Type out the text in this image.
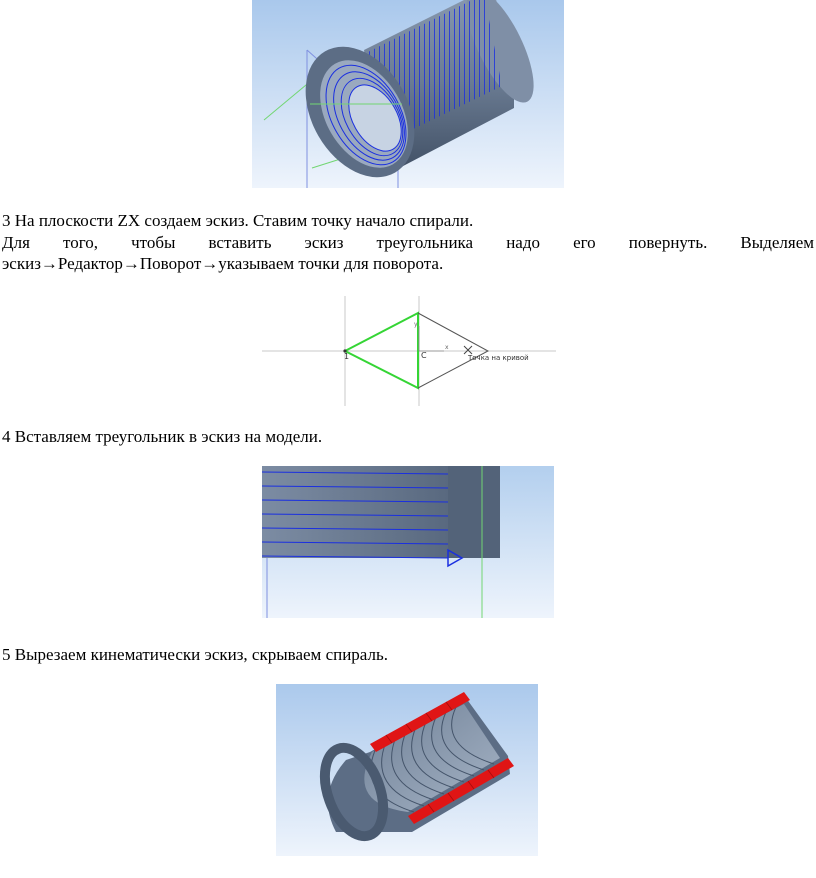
3 На плоскости ZX создаем эскиз. Ставим точку начало спирали.

Для того, чтобы вставить эскиз треугольника надо его повернуть. Выделяем эскиз→Редактор→Поворот→указываем точки для поворота.

1	C
x
y
Точка на кривой

4 Вставляем треугольник в эскиз на модели.

5 Вырезаем кинематически эскиз, скрываем спираль.
